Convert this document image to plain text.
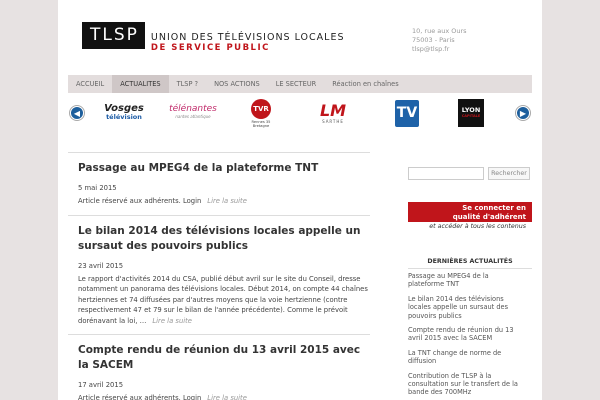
TLSP	UNION DES TÉLÉVISIONS LOCALES
DE SERVICE PUBLIC
10, rue aux Ours
75003 - Paris
tlsp@tlsp.fr
ACCUEIL	ACTUALITES	TLSP ?	NOS ACTIONS	LE SECTEUR	Réaction en chaînes
◀	Vosges
télévision
télénantes
nantes atlantique
TVR
Rennes 35 Bretagne
LM
SARTHE
TV	LYON
CAPITALE	▶
Passage au MPEG4 de la plateforme TNT
5 mai 2015
Article réservé aux adhérents. Login Lire la suite
Le bilan 2014 des télévisions locales appelle un sursaut des pouvoirs publics
23 avril 2015
Le rapport d'activités 2014 du CSA, publié début avril sur le site du Conseil, dresse notamment un panorama des télévisions locales. Début 2014, on compte 44 chaînes hertziennes et 74 diffusées par d'autres moyens que la voie hertzienne (contre respectivement 47 et 79 sur le bilan de l'année précédente). Comme le prévoit dorénavant la loi, … Lire la suite
Compte rendu de réunion du 13 avril 2015 avec la SACEM
17 avril 2015
Article réservé aux adhérents. Login Lire la suite
Rechercher
Se connecter en
qualité d'adhérent
et accéder à tous les contenus
DERNIÈRES ACTUALITÉS
Passage au MPEG4 de la plateforme TNT
Le bilan 2014 des télévisions locales appelle un sursaut des pouvoirs publics
Compte rendu de réunion du 13 avril 2015 avec la SACEM
La TNT change de norme de diffusion
Contribution de TLSP à la consultation sur le transfert de la bande des 700MHz
